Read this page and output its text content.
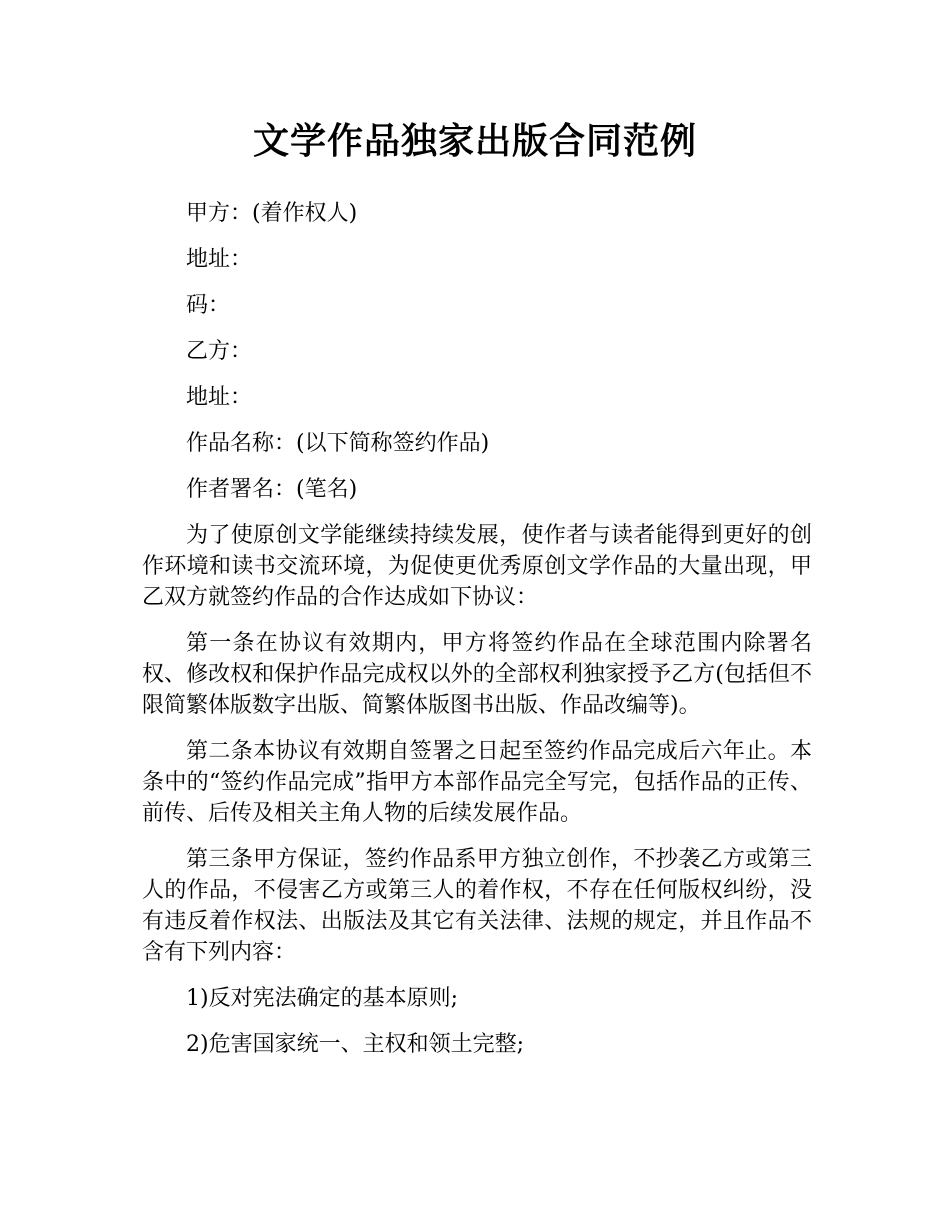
文学作品独家出版合同范例

甲方：(着作权人)

地址：

码：

乙方：

地址：

作品名称：(以下简称签约作品)

作者署名：(笔名)

为了使原创文学能继续持续发展，使作者与读者能得到更好的创作环境和读书交流环境，为促使更优秀原创文学作品的大量出现，甲乙双方就签约作品的合作达成如下协议：

第一条在协议有效期内，甲方将签约作品在全球范围内除署名权、修改权和保护作品完成权以外的全部权利独家授予乙方(包括但不限简繁体版数字出版、简繁体版图书出版、作品改编等)。

第二条本协议有效期自签署之日起至签约作品完成后六年止。本条中的“签约作品完成”指甲方本部作品完全写完，包括作品的正传、前传、后传及相关主角人物的后续发展作品。

第三条甲方保证，签约作品系甲方独立创作，不抄袭乙方或第三人的作品，不侵害乙方或第三人的着作权，不存在任何版权纠纷，没有违反着作权法、出版法及其它有关法律、法规的规定，并且作品不含有下列内容：

1)反对宪法确定的基本原则;

2)危害国家统一、主权和领土完整;
